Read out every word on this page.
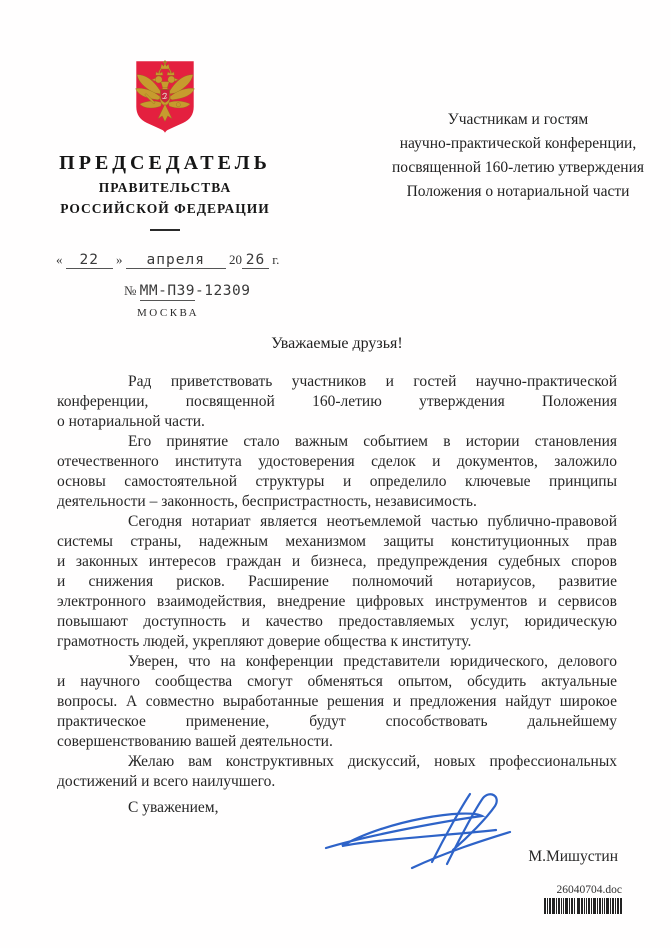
ПРЕДСЕДАТЕЛЬ
ПРАВИТЕЛЬСТВА
РОССИЙСКОЙ ФЕДЕРАЦИИ
Участникам и гостям
научно-практической конференции,
посвященной 160-летию утверждения
Положения о нотариальной части
« 22 » апреля 20 26 г.
№ ММ-П39-12309
МОСКВА
Уважаемые друзья!
Рад приветствовать участников и гостей научно-практической
конференции, посвященной 160-летию утверждения Положения
о нотариальной части.
Его принятие стало важным событием в истории становления
отечественного института удостоверения сделок и документов, заложило
основы самостоятельной структуры и определило ключевые принципы
деятельности – законность, беспристрастность, независимость.
Сегодня нотариат является неотъемлемой частью публично-правовой
системы страны, надежным механизмом защиты конституционных прав
и законных интересов граждан и бизнеса, предупреждения судебных споров
и снижения рисков. Расширение полномочий нотариусов, развитие
электронного взаимодействия, внедрение цифровых инструментов и сервисов
повышают доступность и качество предоставляемых услуг, юридическую
грамотность людей, укрепляют доверие общества к институту.
Уверен, что на конференции представители юридического, делового
и научного сообщества смогут обменяться опытом, обсудить актуальные
вопросы. А совместно выработанные решения и предложения найдут широкое
практическое применение, будут способствовать дальнейшему
совершенствованию вашей деятельности.
Желаю вам конструктивных дискуссий, новых профессиональных
достижений и всего наилучшего.
С уважением,
М.Мишустин
26040704.doc
